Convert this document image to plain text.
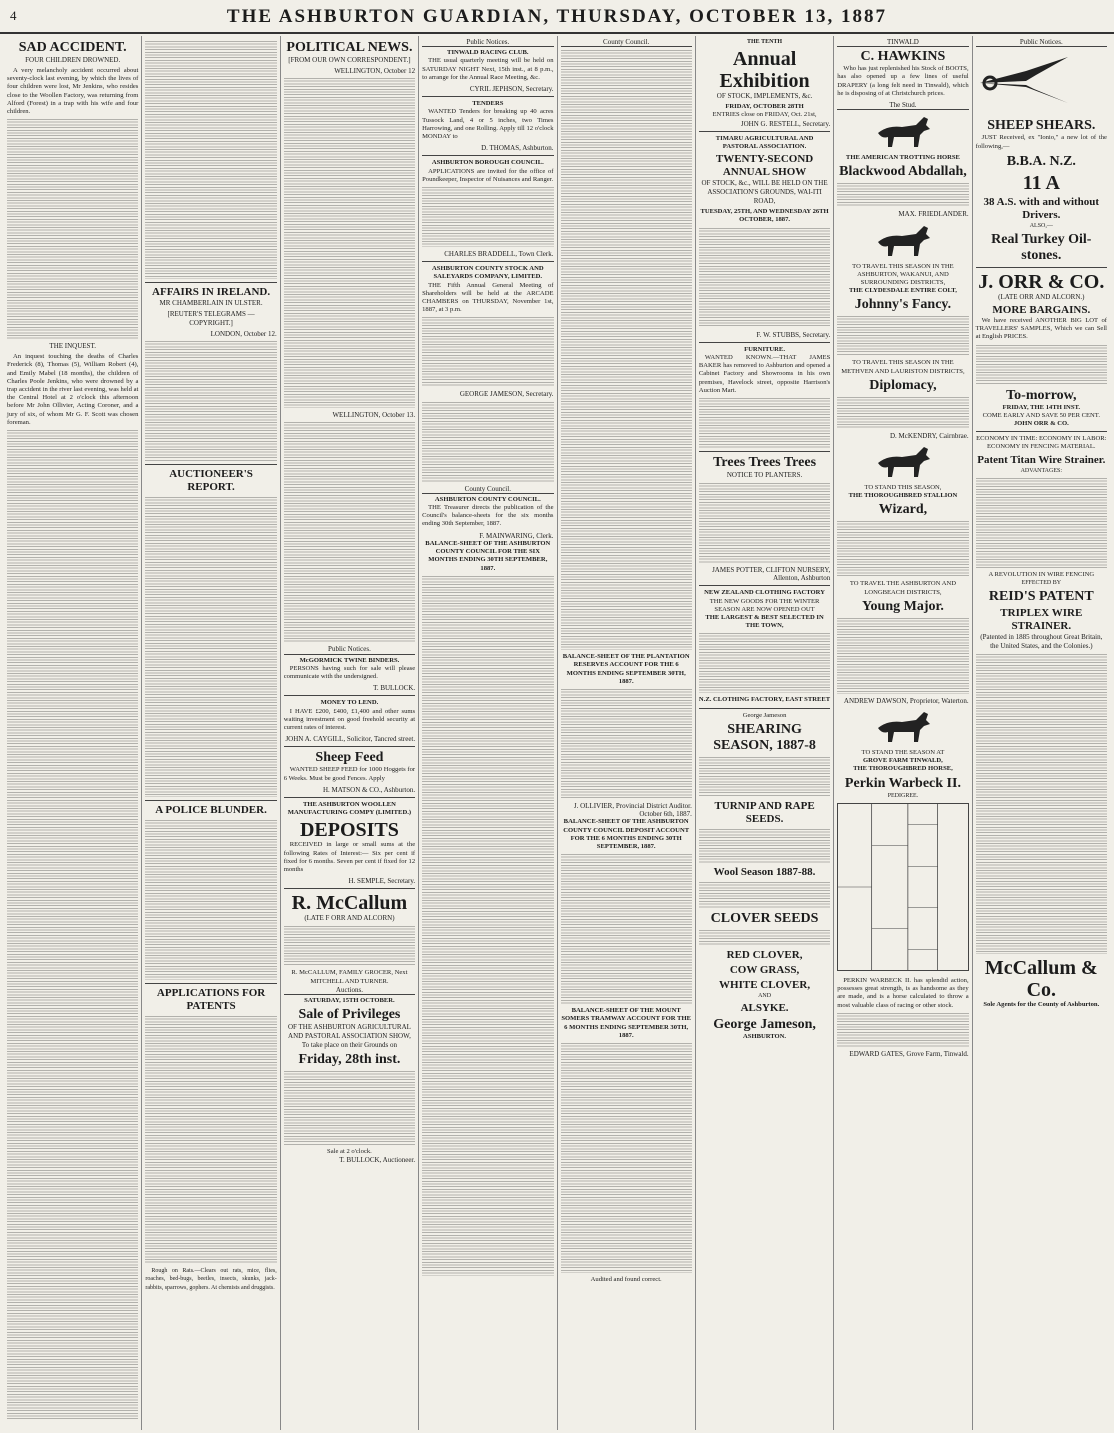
4	THE ASHBURTON GUARDIAN, THURSDAY, OCTOBER 13, 1887
SAD ACCIDENT.
FOUR CHILDREN DROWNED.

A very melancholy accident occurred about seventy-clock last evening, by which the lives of four children were lost, Mr Jenkins, who resides close to the Woollen Factory, was returning from Alford (Forest) in a trap with his wife and four children.

THE INQUEST.

An inquest touching the deaths of Charles Frederick (8), Thomas (5), William Robert (4), and Emily Mabel (18 months), the children of Charles Poole Jenkins, who were drowned by a trap accident in the river last evening, was held at the Central Hotel at 2 o'clock this afternoon before Mr John Ollivier, Acting Coroner, and a jury of six, of whom Mr G. F. Scott was chosen foreman.

AFFAIRS IN IRELAND.
MR CHAMBERLAIN IN ULSTER.
[REUTER'S TELEGRAMS — COPYRIGHT.]
LONDON, October 12.
AUCTIONEER'S REPORT.
A POLICE BLUNDER.
APPLICATIONS FOR PATENTS

Rough on Rats.—Clears out rats, mice, flies, roaches, bed-bugs, beetles, insects, skunks, jack-rabbits, sparrows, gophers. At chemists and druggists.

POLITICAL NEWS.
[FROM OUR OWN CORRESPONDENT.]
WELLINGTON, October 12
WELLINGTON, October 13.
Public Notices.
McGORMICK TWINE BINDERS.

PERSONS having such for sale will please communicate with the undersigned.

T. BULLOCK.
MONEY TO LEND.

I HAVE £200, £400, £1,400 and other sums waiting investment on good freehold security at current rates of interest.

JOHN A. CAYGILL, Solicitor, Tancred street.
Sheep Feed

WANTED SHEEP FEED for 1000 Hoggets for 6 Weeks. Must be good Fences. Apply

H. MATSON & CO., Ashburton.
THE ASHBURTON WOOLLEN MANUFACTURING COMPY (LIMITED.)
DEPOSITS

RECEIVED in large or small sums at the following Rates of Interest:— Six per cent if fixed for 6 months. Seven per cent if fixed for 12 months

H. SEMPLE, Secretary.
R. McCallum
(LATE F ORR AND ALCORN)
R. McCALLUM, FAMILY GROCER, Next MITCHELL AND TURNER.
Auctions.
SATURDAY, 15TH OCTOBER.
Sale of Privileges
OF THE ASHBURTON AGRICULTURAL AND PASTORAL ASSOCIATION SHOW, To take place on their Grounds on
Friday, 28th inst.
Sale at 2 o'clock.
T. BULLOCK, Auctioneer.
Public Notices.
TINWALD RACING CLUB.

THE usual quarterly meeting will be held on SATURDAY NIGHT Next, 15th inst., at 8 p.m., to arrange for the Annual Race Meeting, &c.

CYRIL JEPHSON, Secretary.
TENDERS

WANTED Tenders for breaking up 40 acres Tussock Land, 4 or 5 inches, two Times Harrowing, and one Rolling. Apply till 12 o'clock MONDAY to

D. THOMAS, Ashburton.
ASHBURTON BOROUGH COUNCIL.

APPLICATIONS are invited for the office of Poundkeeper, Inspector of Nuisances and Ranger.

CHARLES BRADDELL, Town Clerk.
ASHBURTON COUNTY STOCK AND SALEYARDS COMPANY, LIMITED.

THE Fifth Annual General Meeting of Shareholders will be held at the ARCADE CHAMBERS on THURSDAY, November 1st, 1887, at 3 p.m.

GEORGE JAMESON, Secretary.
County Council.
ASHBURTON COUNTY COUNCIL.

THE Treasurer directs the publication of the Council's balance-sheets for the six months ending 30th September, 1887.

F. MAINWARING, Clerk.
BALANCE-SHEET OF THE ASHBURTON COUNTY COUNCIL FOR THE SIX MONTHS ENDING 30TH SEPTEMBER, 1887.
County Council.
BALANCE-SHEET OF THE PLANTATION RESERVES ACCOUNT FOR THE 6 MONTHS ENDING SEPTEMBER 30TH, 1887.
J. OLLIVIER, Provincial District Auditor. October 6th, 1887.
BALANCE-SHEET OF THE ASHBURTON COUNTY COUNCIL DEPOSIT ACCOUNT FOR THE 6 MONTHS ENDING 30TH SEPTEMBER, 1887.
BALANCE-SHEET OF THE MOUNT SOMERS TRAMWAY ACCOUNT FOR THE 6 MONTHS ENDING SEPTEMBER 30TH, 1887.
Audited and found correct.
THE TENTH
Annual Exhibition
OF STOCK, IMPLEMENTS, &c.
FRIDAY, OCTOBER 28TH
ENTRIES close on FRIDAY, Oct. 21st,
JOHN G. RESTELL, Secretary.
TIMARU AGRICULTURAL AND PASTORAL ASSOCIATION.
TWENTY-SECOND ANNUAL SHOW
OF STOCK, &c., WILL BE HELD ON THE ASSOCIATION'S GROUNDS, WAI-ITI ROAD,
TUESDAY, 25TH, AND WEDNESDAY 26TH OCTOBER, 1887.
F. W. STUBBS, Secretary.
FURNITURE.

WANTED KNOWN.—THAT JAMES BAKER has removed to Ashburton and opened a Cabinet Factory and Showrooms in his own premises, Havelock street, opposite Harrison's Auction Mart.

Trees Trees Trees
NOTICE TO PLANTERS.
JAMES POTTER, CLIFTON NURSERY, Allenton, Ashburton
NEW ZEALAND CLOTHING FACTORY
THE NEW GOODS FOR THE WINTER SEASON ARE NOW OPENED OUT
THE LARGEST & BEST SELECTED IN THE TOWN,
N.Z. CLOTHING FACTORY, EAST STREET
George Jameson
SHEARING SEASON, 1887-8
TURNIP AND RAPE SEEDS.
Wool Season 1887-88.
CLOVER SEEDS
RED CLOVER,
COW GRASS,
WHITE CLOVER,
AND
ALSYKE.
George Jameson,
ASHBURTON.
TINWALD
C. HAWKINS

Who has just replenished his Stock of BOOTS, has also opened up a few lines of useful DRAPERY (a long felt need in Tinwald), which he is disposing of at Christchurch prices.

The Stud.
THE AMERICAN TROTTING HORSE
Blackwood Abdallah,
MAX. FRIEDLANDER.
TO TRAVEL THIS SEASON IN THE ASHBURTON, WAKANUI, AND SURROUNDING DISTRICTS,
THE CLYDESDALE ENTIRE COLT,
Johnny's Fancy.
TO TRAVEL THIS SEASON IN THE METHVEN AND LAURISTON DISTRICTS,
Diplomacy,
D. McKENDRY, Cairnbrae.
TO STAND THIS SEASON,
THE THOROUGHBRED STALLION
Wizard,
TO TRAVEL THE ASHBURTON AND LONGBEACH DISTRICTS,
Young Major.
ANDREW DAWSON, Proprietor, Waterton.
TO STAND THE SEASON AT
GROVE FARM TINWALD,
THE THOROUGHBRED HORSE,
Perkin Warbeck II.
PEDIGREE.

PERKIN WARBECK II. has splendid action, possesses great strength, is as handsome as they are made, and is a horse calculated to throw a most valuable class of racing or other stock.

EDWARD GATES, Grove Farm, Tinwald.
Public Notices.
SHEEP SHEARS.

JUST Received, ex "Ionio," a new lot of the following,—

B.B.A. N.Z.
11 A
38 A.S. with and without Drivers.
ALSO,—
Real Turkey Oil-stones.
J. ORR & CO.
(LATE ORR AND ALCORN.)
MORE BARGAINS.

We have received ANOTHER BIG LOT of TRAVELLERS' SAMPLES, Which we can Sell at English PRICES.

To-morrow,
FRIDAY, THE 14TH INST.
COME EARLY AND SAVE 50 PER CENT.
JOHN ORR & CO.
ECONOMY IN TIME: ECONOMY IN LABOR: ECONOMY IN FENCING MATERIAL.
Patent Titan Wire Strainer.
ADVANTAGES:
A REVOLUTION IN WIRE FENCING
EFFECTED BY
REID'S PATENT
TRIPLEX WIRE STRAINER.
(Patented in 1885 throughout Great Britain, the United States, and the Colonies.)
McCallum & Co.
Sole Agents for the County of Ashburton.
